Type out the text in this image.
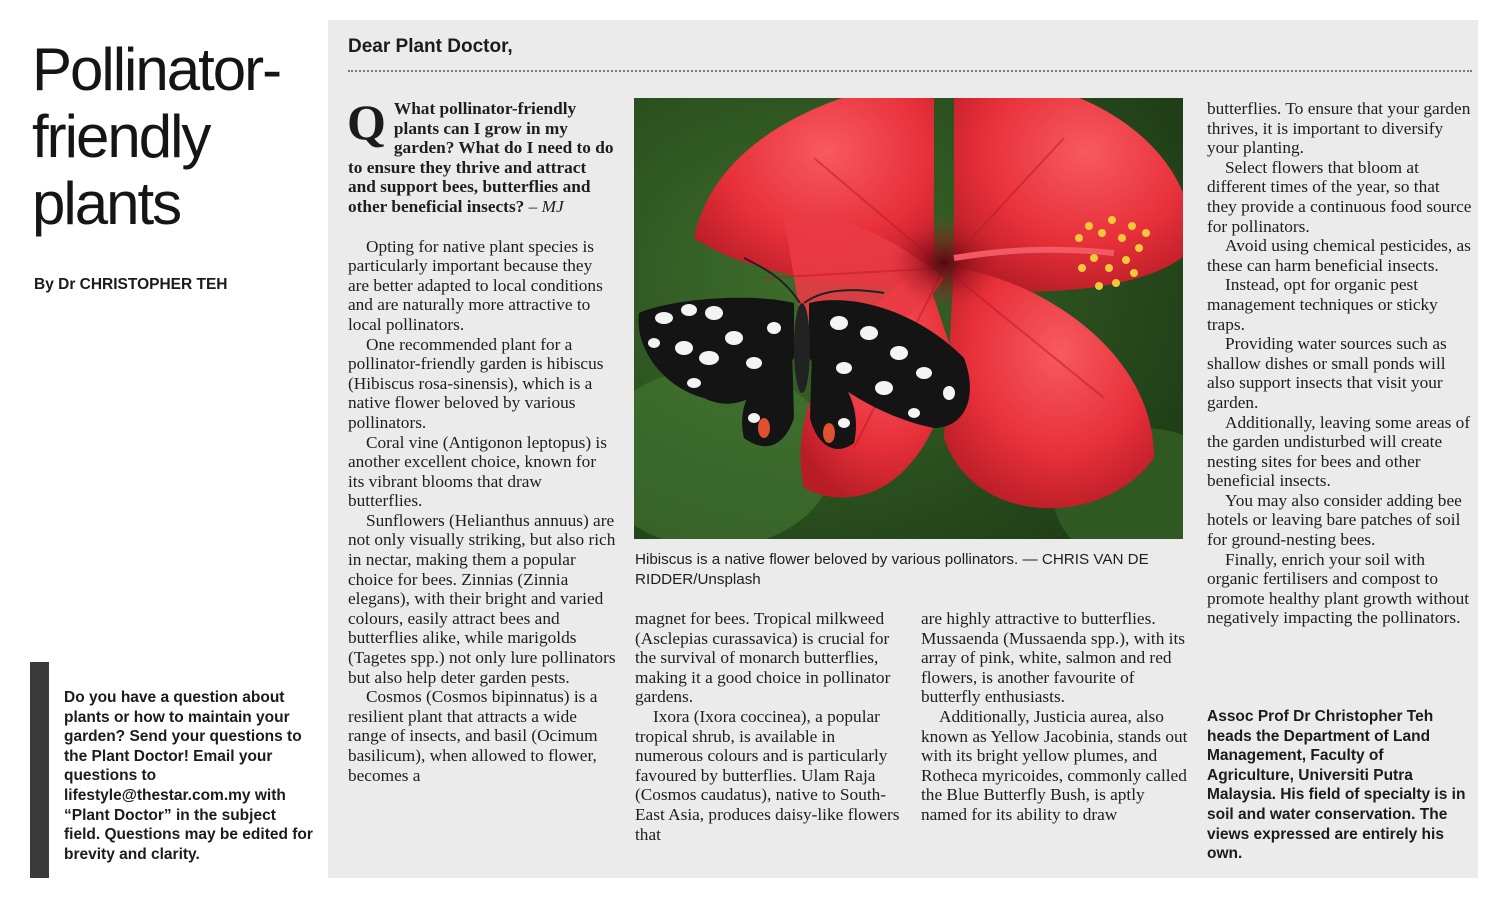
Pollinator-
friendly
plants
By Dr CHRISTOPHER TEH
Do you have a question about plants or how to maintain your garden? Send your questions to the Plant Doctor! Email your questions to lifestyle@thestar.com.my with “Plant Doctor” in the subject field. Questions may be edited for brevity and clarity.
Dear Plant Doctor,
Q What pollinator-friendly plants can I grow in my garden? What do I need to do to ensure they thrive and attract and support bees, butterflies and other beneficial insects? – MJ

Opting for native plant species is particularly important because they are better adapted to local conditions and are naturally more attractive to local pollinators.

One recommended plant for a pollinator-friendly garden is hibiscus (Hibiscus rosa-sinensis), which is a native flower beloved by various pollinators.

Coral vine (Antigonon leptopus) is another excellent choice, known for its vibrant blooms that draw butterflies.

Sunflowers (Helianthus annuus) are not only visually striking, but also rich in nectar, making them a popular choice for bees. Zinnias (Zinnia elegans), with their bright and varied colours, easily attract bees and butterflies alike, while marigolds (Tagetes spp.) not only lure pollinators but also help deter garden pests.

Cosmos (Cosmos bipinnatus) is a resilient plant that attracts a wide range of insects, and basil (Ocimum basilicum), when allowed to flower, becomes a

Hibiscus is a native flower beloved by various pollinators. — CHRIS VAN DE RIDDER/Unsplash

magnet for bees. Tropical milkweed (Asclepias curassavica) is crucial for the survival of monarch butterflies, making it a good choice in pollinator gardens.

Ixora (Ixora coccinea), a popular tropical shrub, is available in numerous colours and is particularly favoured by butterflies. Ulam Raja (Cosmos caudatus), native to South-East Asia, produces daisy-like flowers that

are highly attractive to butterflies. Mussaenda (Mussaenda spp.), with its array of pink, white, salmon and red flowers, is another favourite of butterfly enthusiasts.

Additionally, Justicia aurea, also known as Yellow Jacobinia, stands out with its bright yellow plumes, and Rotheca myricoides, commonly called the Blue Butterfly Bush, is aptly named for its ability to draw

butterflies. To ensure that your garden thrives, it is important to diversify your planting.

Select flowers that bloom at different times of the year, so that they provide a continuous food source for pollinators.

Avoid using chemical pesticides, as these can harm beneficial insects.

Instead, opt for organic pest management techniques or sticky traps.

Providing water sources such as shallow dishes or small ponds will also support insects that visit your garden.

Additionally, leaving some areas of the garden undisturbed will create nesting sites for bees and other beneficial insects.

You may also consider adding bee hotels or leaving bare patches of soil for ground-nesting bees.

Finally, enrich your soil with organic fertilisers and compost to promote healthy plant growth without negatively impacting the pollinators.

Assoc Prof Dr Christopher Teh heads the Department of Land Management, Faculty of Agriculture, Universiti Putra Malaysia. His field of specialty is in soil and water conservation. The views expressed are entirely his own.
